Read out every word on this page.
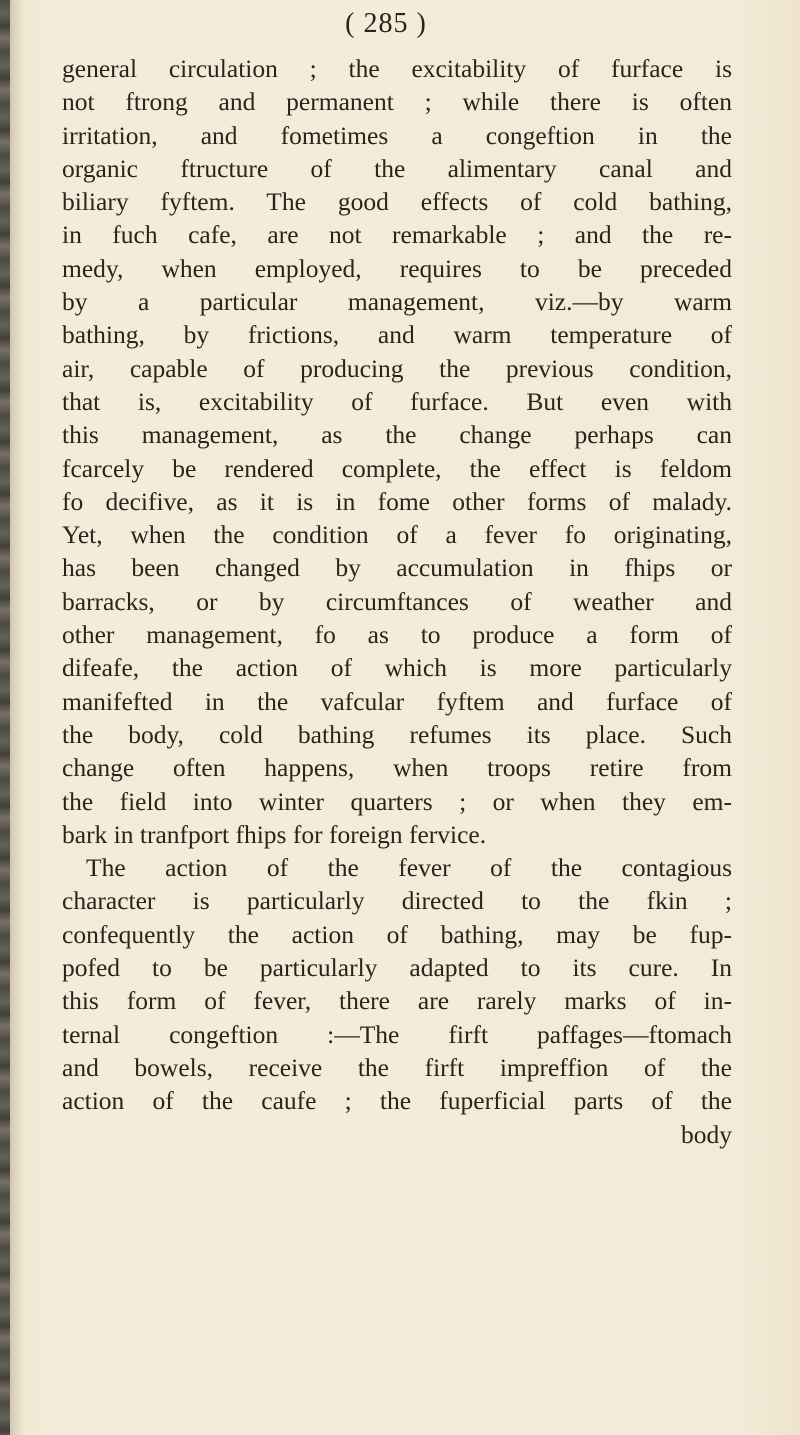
( 285 )
general circulation ; the excitability of furface is
not ftrong and permanent ; while there is often
irritation, and fometimes a congeftion in the
organic ftructure of the alimentary canal and
biliary fyftem. The good effects of cold bathing,
in fuch cafe, are not remarkable ; and the re-
medy, when employed, requires to be preceded
by a particular management, viz.—by warm
bathing, by frictions, and warm temperature of
air, capable of producing the previous condition,
that is, excitability of furface. But even with
this management, as the change perhaps can
fcarcely be rendered complete, the effect is feldom
fo decifive, as it is in fome other forms of malady.
Yet, when the condition of a fever fo originating,
has been changed by accumulation in fhips or
barracks, or by circumftances of weather and
other management, fo as to produce a form of
difeafe, the action of which is more particularly
manifefted in the vafcular fyftem and furface of
the body, cold bathing refumes its place. Such
change often happens, when troops retire from
the field into winter quarters ; or when they em-
bark in tranfport fhips for foreign fervice.
The action of the fever of the contagious
character is particularly directed to the fkin ;
confequently the action of bathing, may be fup-
pofed to be particularly adapted to its cure. In
this form of fever, there are rarely marks of in-
ternal congeftion :—The firft paffages—ftomach
and bowels, receive the firft impreffion of the
action of the caufe ; the fuperficial parts of the
body
